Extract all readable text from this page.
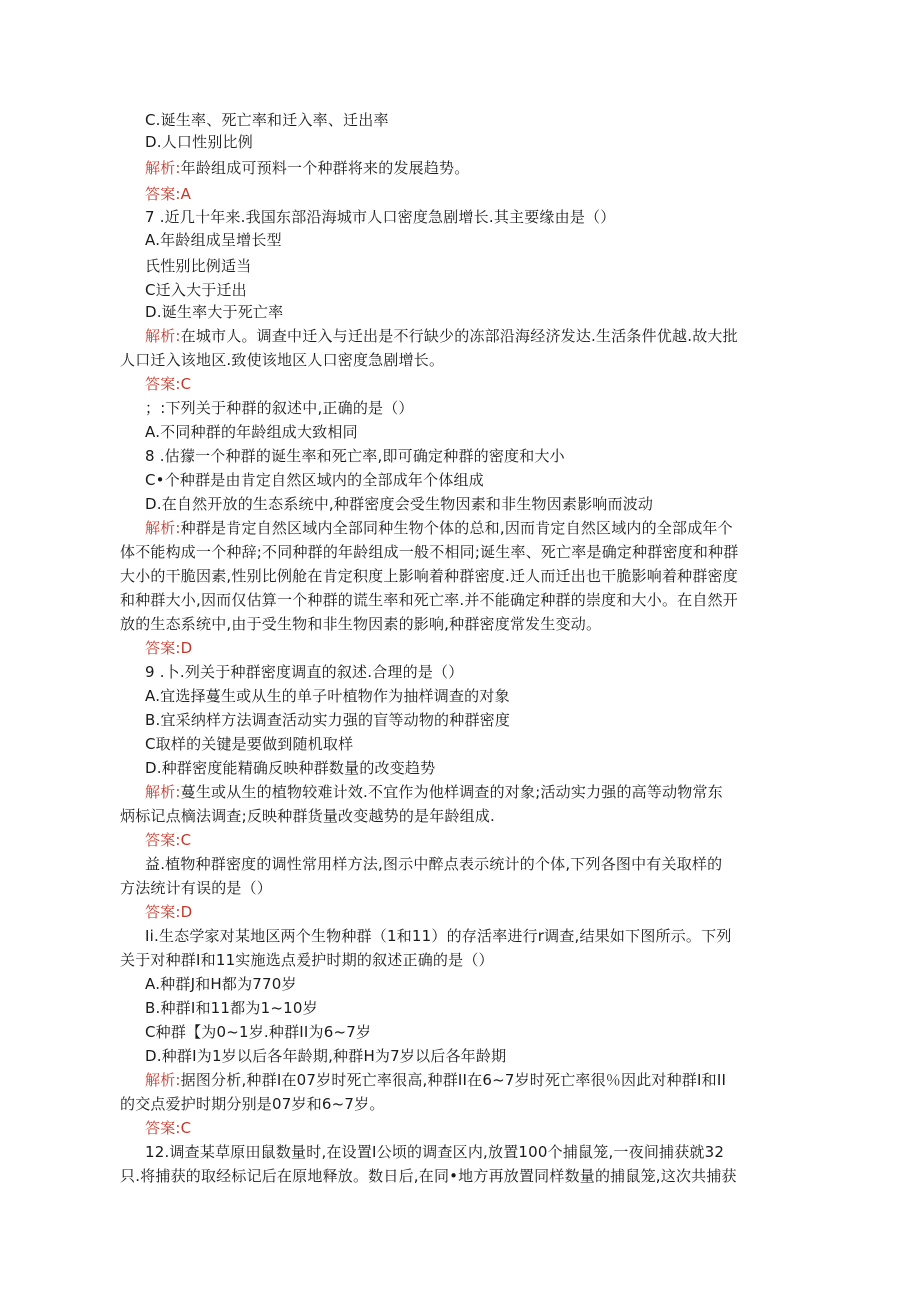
C.诞生率、死亡率和迁入率、迁出率
D.人口性别比例
解析:年龄组成可预料一个种群将来的发展趋势。
答案:A
7 .近几十年来.我国东部沿海城市人口密度急剧增长.其主要缘由是（）
A.年龄组成呈增长型
氏性别比例适当
C迁入大于迁出
D.诞生率大于死亡率
解析:在城市人。调查中迁入与迁出是不行缺少的冻部沿海经济发达.生活条件优越.故大批
人口迁入该地区.致使该地区人口密度急剧增长。
答案:C
；:下列关于种群的叙述中,正确的是（）
A.不同种群的年龄组成大致相同
8 .估獴一个种群的诞生率和死亡率,即可确定种群的密度和大小
C•个种群是由肯定自然区域内的全部成年个体组成
D.在自然开放的生态系统中,种群密度会受生物因素和非生物因素影响而波动
解析:种群是肯定自然区域内全部同种生物个体的总和,因而肯定自然区域内的全部成年个
体不能构成一个种辞;不同种群的年龄组成一般不相同;诞生率、死亡率是确定种群密度和种群
大小的干脆因素,性别比例舱在肯定积度上影响着种群密度.迁人而迁出也干脆影响着种群密度
和种群大小,因而仅估算一个种群的谎生率和死亡率.并不能确定种群的崇度和大小。在自然开
放的生态系统中,由于受生物和非生物因素的影响,种群密度常发生变动。
答案:D
9 .卜.列关于种群密度调直的叙述.合理的是（）
A.宜选择蔓生或从生的单子叶植物作为抽样调查的对象
B.宜采纳样方法调查活动实力强的盲等动物的种群密度
C取样的关键是要做到随机取样
D.种群密度能精确反映种群数量的改变趋势
解析:蔓生或从生的植物较难计效.不宜作为他样调查的对象;活动实力强的高等动物常东
炳标记点樀法调查;反映种群货量改变越势的是年龄组成.
答案:C
益.植物种群密度的调性常用样方法,图示中醉点表示统计的个体,下列各图中有关取样的
方法统计有误的是（）
答案:D
Ii.生态学家对某地区两个生物种群（1和11）的存活率进行r调查,结果如下图所示。下列
关于对种群I和11实施选点爰护时期的叙述正确的是（）
A.种群J和H都为770岁
B.种群I和11都为1~10岁
C种群【为0~1岁.种群II为6~7岁
D.种群I为1岁以后各年龄期,种群H为7岁以后各年龄期
解析:据图分析,种群I在07岁时死亡率很高,种群II在6~7岁时死亡率很％因此对种群I和II
的交点爱护时期分别是07岁和6~7岁。
答案:C
12.调查某草原田鼠数量时,在设置I公顷的调查区内,放置100个捕鼠笼,一夜间捕获就32
只.将捕获的取经标记后在原地释放。数日后,在同•地方再放置同样数量的捕鼠笼,这次共捕获
